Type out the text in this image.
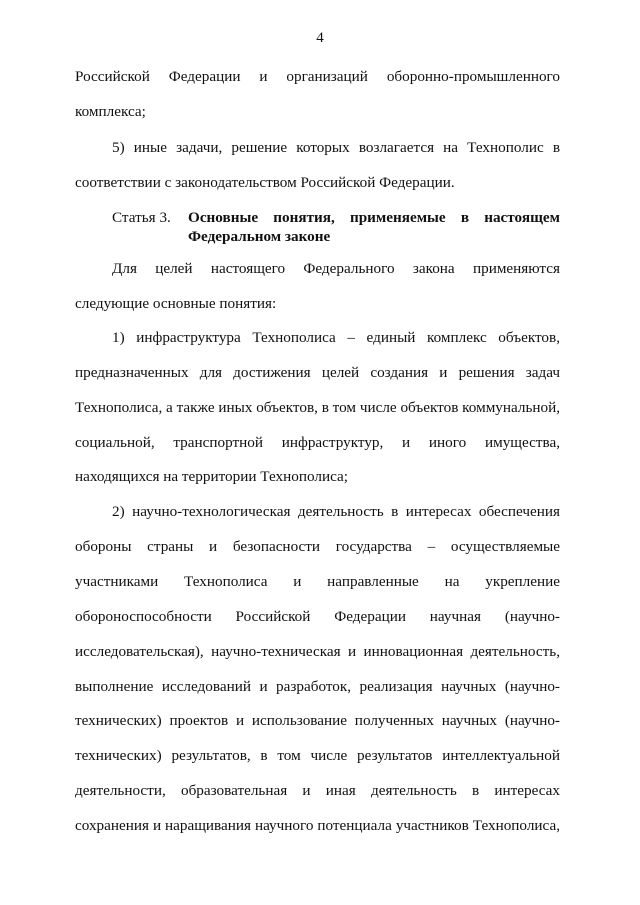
4
Российской Федерации и организаций оборонно-промышленного
комплекса;
5) иные задачи, решение которых возлагается на Технополис в
соответствии с законодательством Российской Федерации.
Статья 3. Основные понятия, применяемые в настоящем
Федеральном законе
Для целей настоящего Федерального закона применяются
следующие основные понятия:
1) инфраструктура Технополиса – единый комплекс объектов,
предназначенных для достижения целей создания и решения задач
Технополиса, а также иных объектов, в том числе объектов коммунальной,
социальной, транспортной инфраструктур, и иного имущества,
находящихся на территории Технополиса;
2) научно-технологическая деятельность в интересах обеспечения
обороны страны и безопасности государства – осуществляемые
участниками Технополиса и направленные на укрепление
обороноспособности Российской Федерации научная (научно-
исследовательская), научно-техническая и инновационная деятельность,
выполнение исследований и разработок, реализация научных (научно-
технических) проектов и использование полученных научных (научно-
технических) результатов, в том числе результатов интеллектуальной
деятельности, образовательная и иная деятельность в интересах
сохранения и наращивания научного потенциала участников Технополиса,
